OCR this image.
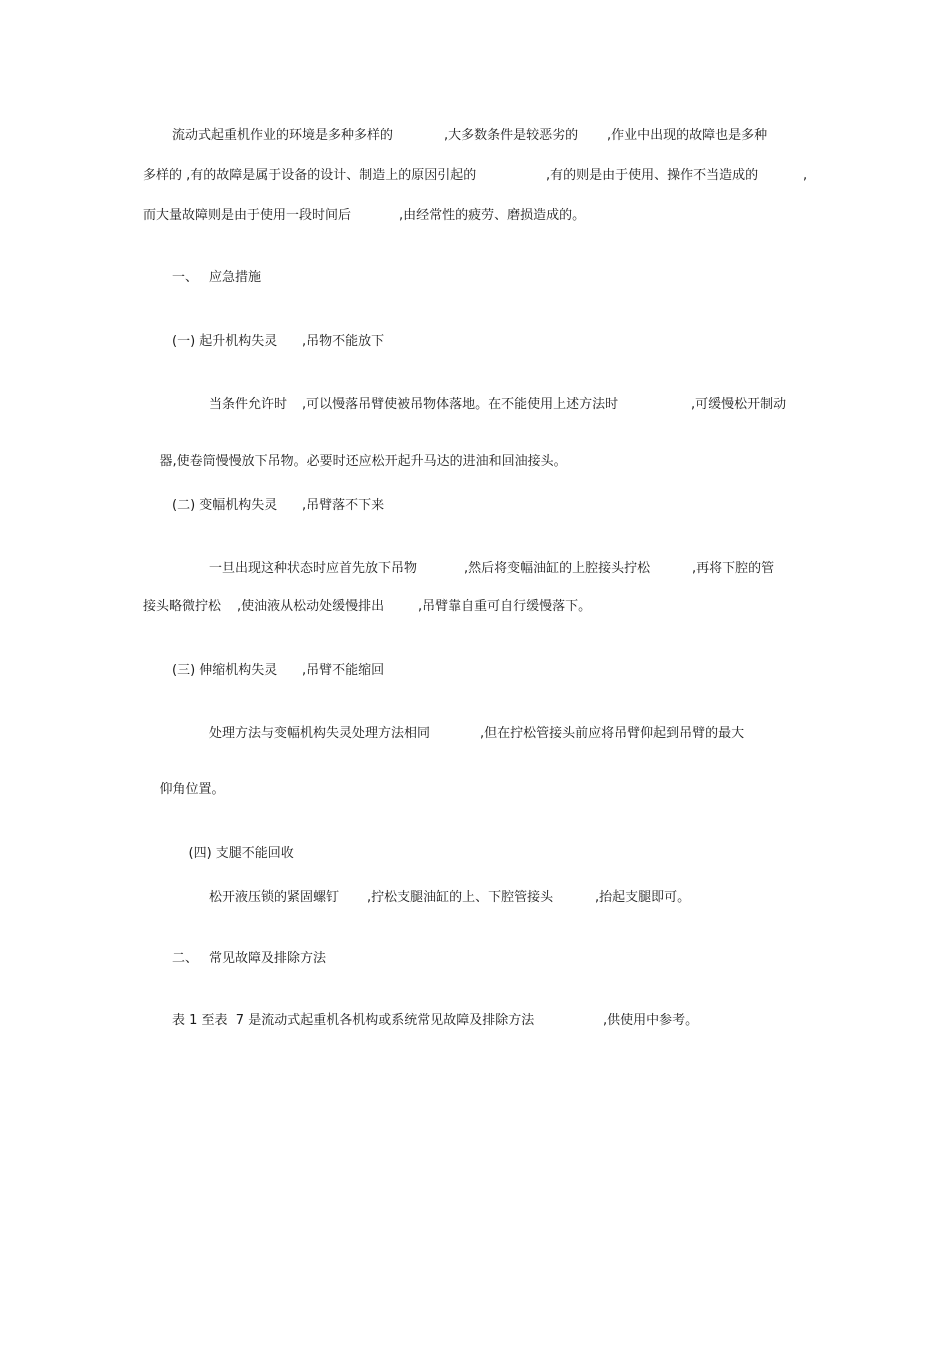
流动式起重机作业的环境是多种多样的

	,大多数条件是较恶劣的

,作业中出现的故障也是多种

多样的 ,有的故障是属于设备的设计、制造上的原因引起的

	,有的则是由于使用、操作不当造成的

	,

而大量故障则是由于使用一段时间后

	,由经常性的疲劳、磨损造成的。

一、

应急措施

(一) 起升机构失灵

,吊物不能放下

当条件允许时

,可以慢落吊臂使被吊物体落地。在不能使用上述方法时

	,可缓慢松开制动

器,使卷筒慢慢放下吊物。必要时还应松开起升马达的进油和回油接头。

(二) 变幅机构失灵

,吊臂落不下来

一旦出现这种状态时应首先放下吊物

	,然后将变幅油缸的上腔接头拧松

	,再将下腔的管

接头略微拧松

,使油液从松动处缓慢排出

	,吊臂靠自重可自行缓慢落下。

(三) 伸缩机构失灵

,吊臂不能缩回

处理方法与变幅机构失灵处理方法相同

	,但在拧松管接头前应将吊臂仰起到吊臂的最大

仰角位置。

(四) 支腿不能回收

松开液压锁的紧固螺钉

,拧松支腿油缸的上、下腔管接头

	,抬起支腿即可。

二、

常见故障及排除方法

表 1 至表  7 是流动式起重机各机构或系统常见故障及排除方法

	,供使用中参考。
